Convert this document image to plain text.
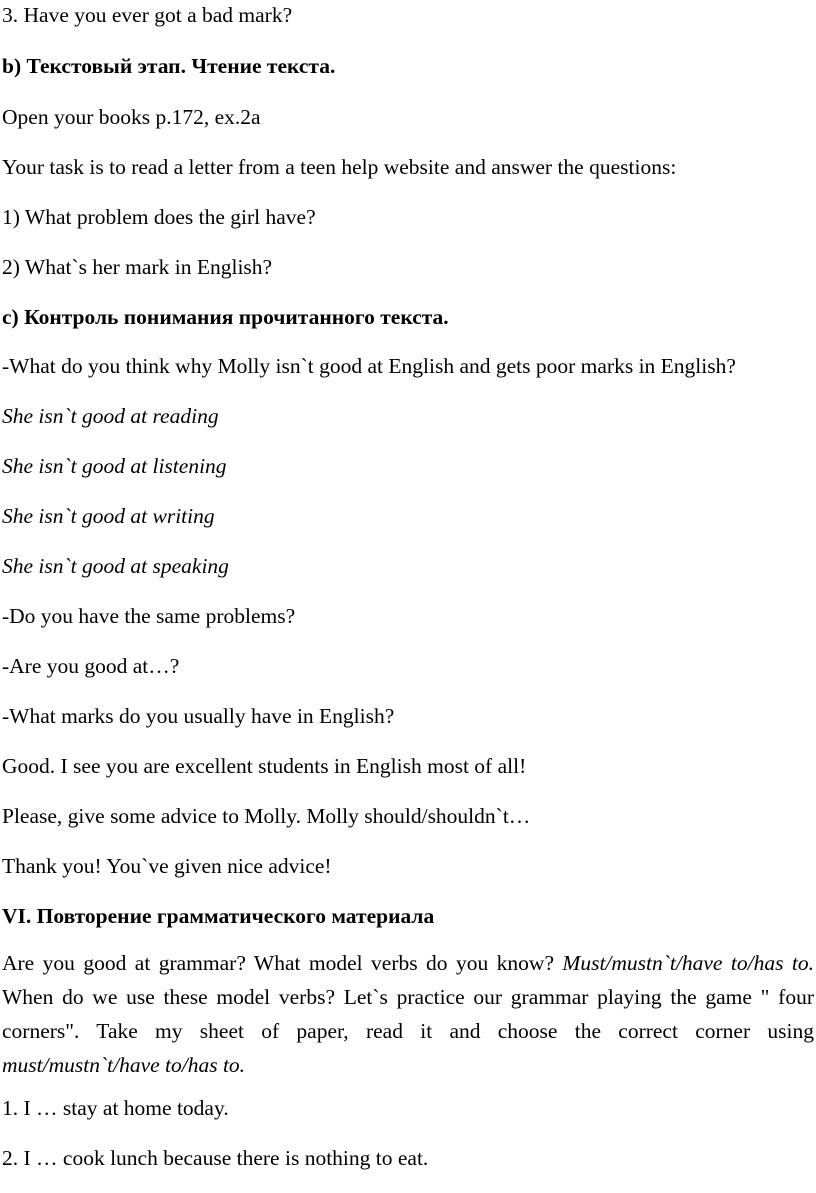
3. Have you ever got a bad mark?
b) Текстовый этап. Чтение текста.
Open your books p.172, ex.2a
Your task is to read a letter from a teen help website and answer the questions:
1) What problem does the girl have?
2) What`s her mark in English?
c) Контроль понимания прочитанного текста.
-What do you think why Molly isn`t good at English and gets poor marks in English?
She isn`t good at reading
She isn`t good at listening
She isn`t good at writing
She isn`t good at speaking
-Do you have the same problems?
-Are you good at…?
-What marks do you usually have in English?
Good. I see you are excellent students in English most of all!
Please, give some advice to Molly. Molly should/shouldn`t…
Thank you! You`ve given nice advice!
VI. Повторение грамматического материала
Are you good at grammar? What model verbs do you know? Must/mustn`t/have to/has to. When do we use these model verbs? Let`s practice our grammar playing the game " four corners". Take my sheet of paper, read it and choose the correct corner using must/mustn`t/have to/has to.
1. I … stay at home today.
2. I … cook lunch because there is nothing to eat.
